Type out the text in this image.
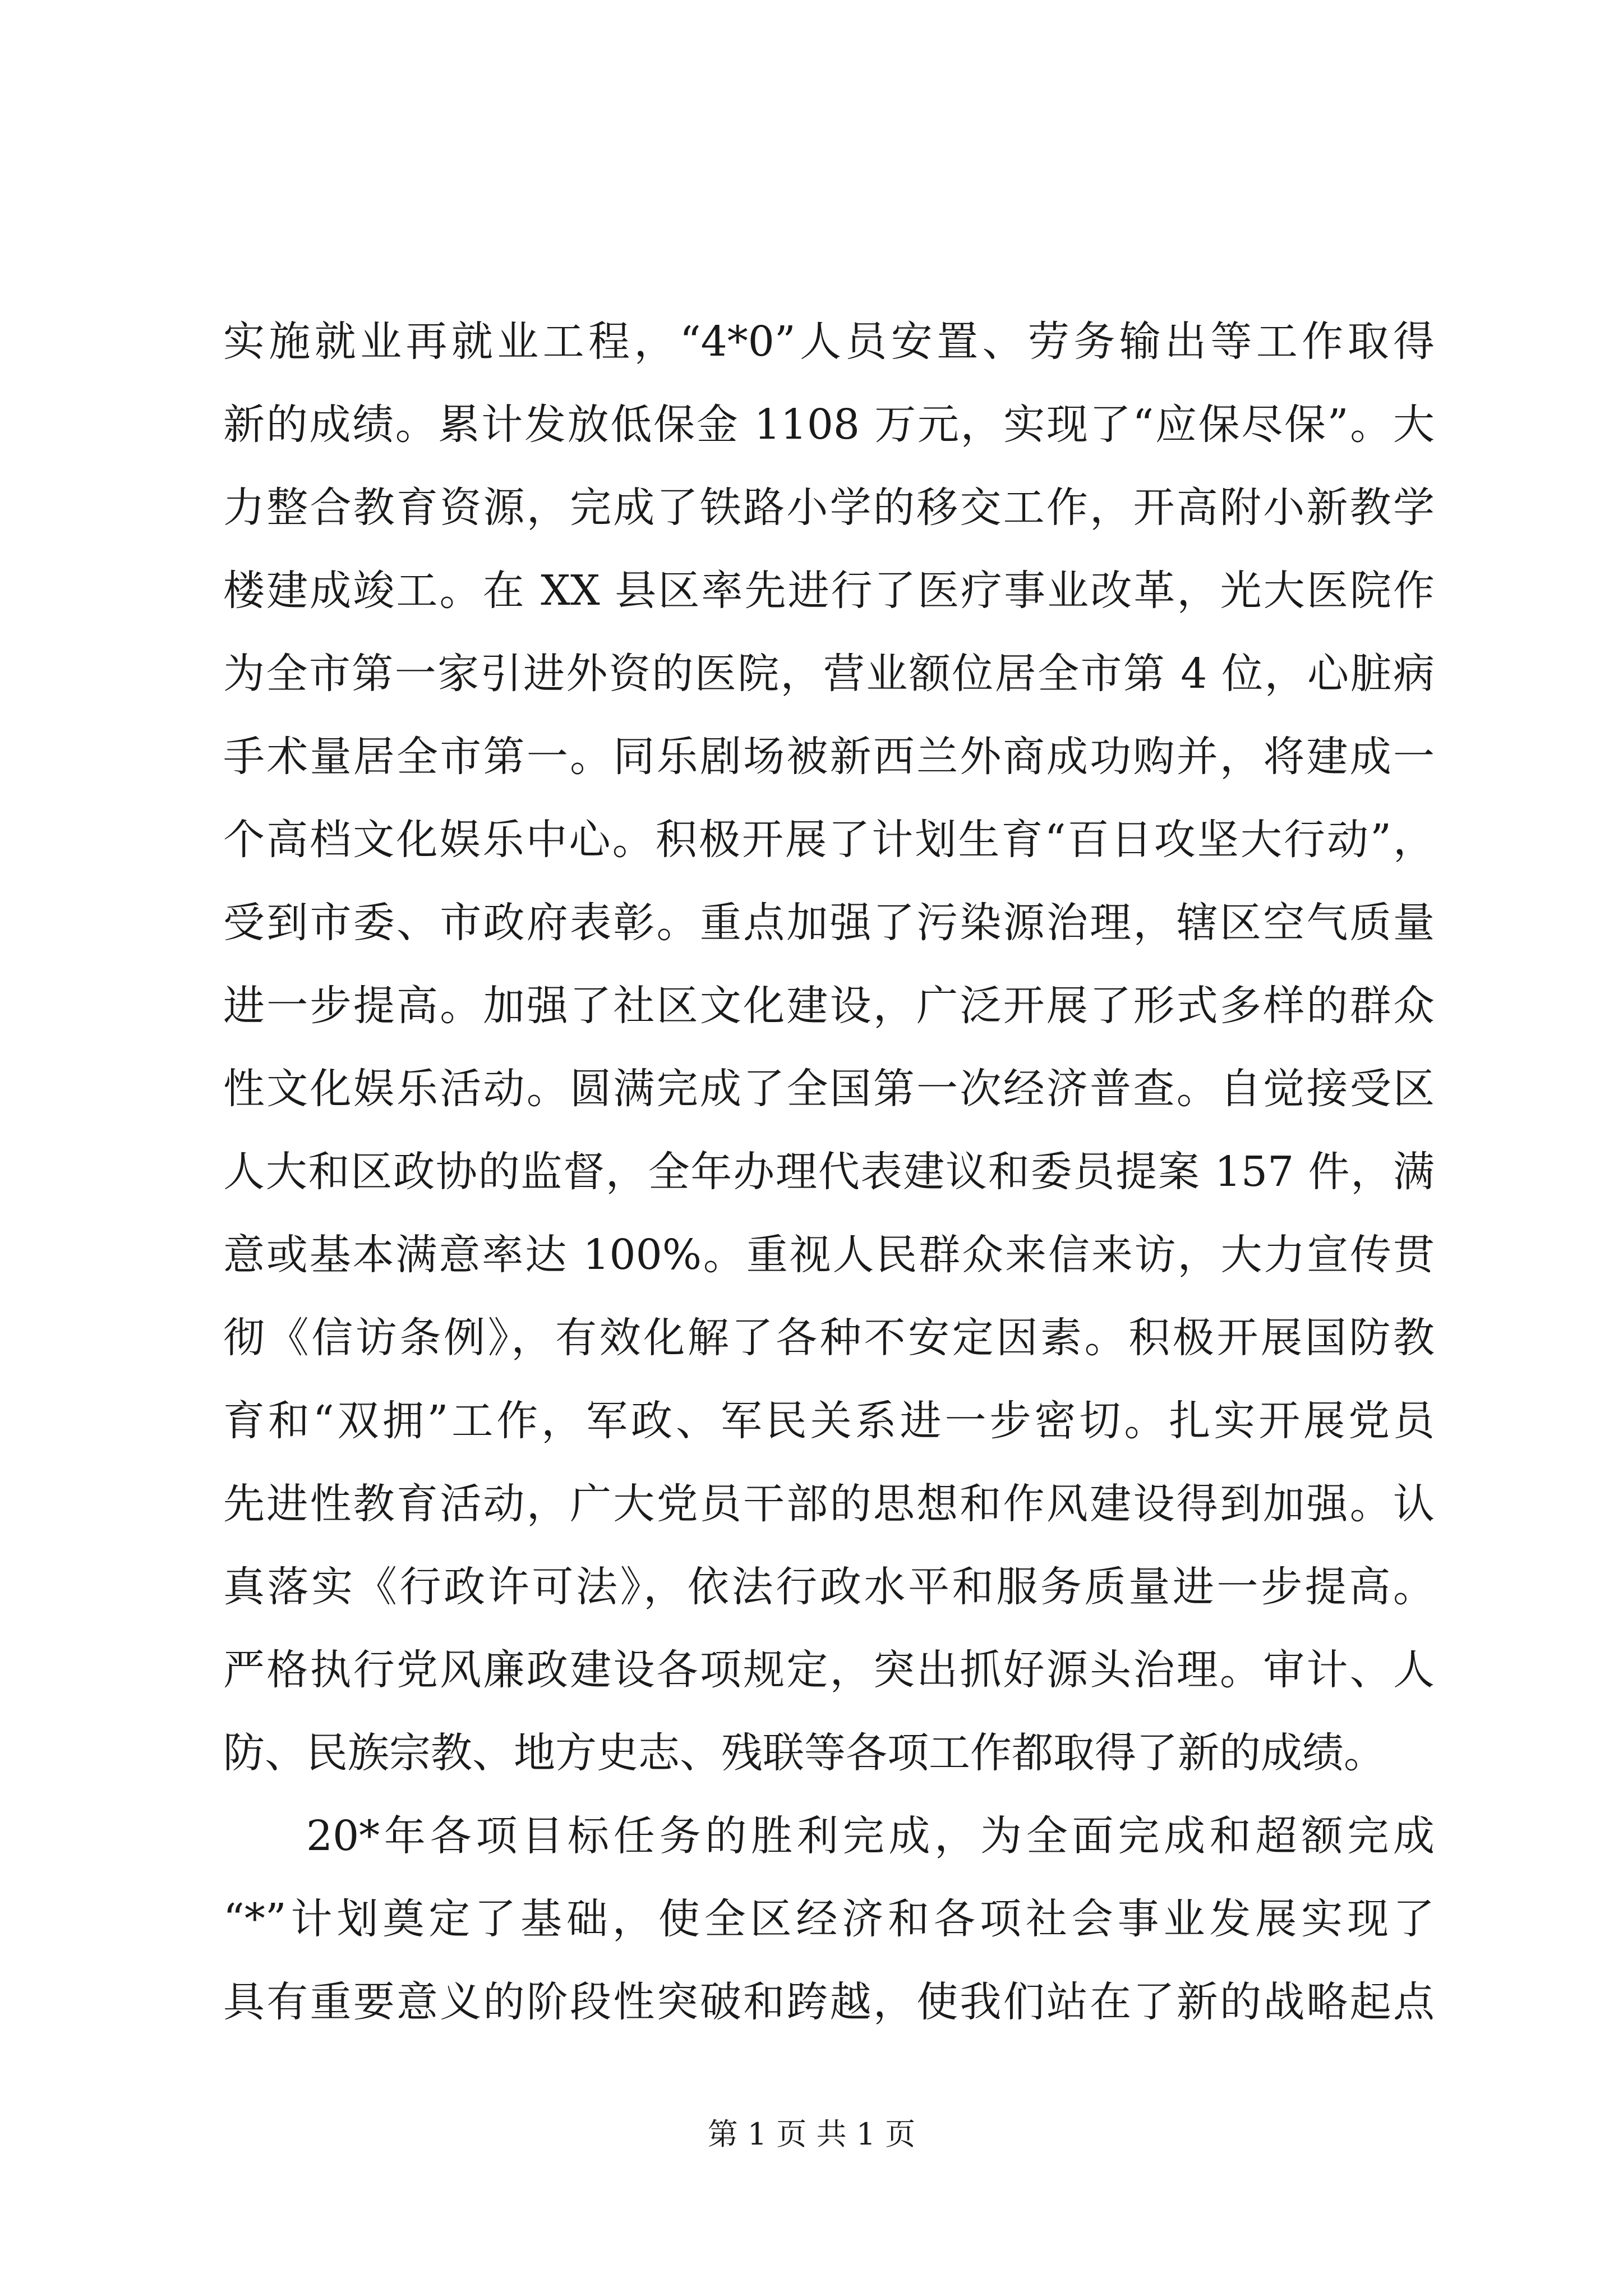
实施就业再就业工程，“4*0”人员安置、劳务输出等工作取得
新的成绩。累计发放低保金 1108 万元，实现了“应保尽保”。大
力整合教育资源，完成了铁路小学的移交工作，开高附小新教学
楼建成竣工。在 XX 县区率先进行了医疗事业改革，光大医院作
为全市第一家引进外资的医院，营业额位居全市第 4 位，心脏病
手术量居全市第一。同乐剧场被新西兰外商成功购并，将建成一
个高档文化娱乐中心。积极开展了计划生育“百日攻坚大行动”，
受到市委、市政府表彰。重点加强了污染源治理，辖区空气质量
进一步提高。加强了社区文化建设，广泛开展了形式多样的群众
性文化娱乐活动。圆满完成了全国第一次经济普查。自觉接受区
人大和区政协的监督，全年办理代表建议和委员提案 157 件，满
意或基本满意率达 100%。重视人民群众来信来访，大力宣传贯
彻《信访条例》，有效化解了各种不安定因素。积极开展国防教
育和“双拥”工作，军政、军民关系进一步密切。扎实开展党员
先进性教育活动，广大党员干部的思想和作风建设得到加强。认
真落实《行政许可法》，依法行政水平和服务质量进一步提高。
严格执行党风廉政建设各项规定，突出抓好源头治理。审计、人
防、民族宗教、地方史志、残联等各项工作都取得了新的成绩。
20*年各项目标任务的胜利完成，为全面完成和超额完成
“*”计划奠定了基础，使全区经济和各项社会事业发展实现了
具有重要意义的阶段性突破和跨越，使我们站在了新的战略起点
第 1 页 共 1 页
